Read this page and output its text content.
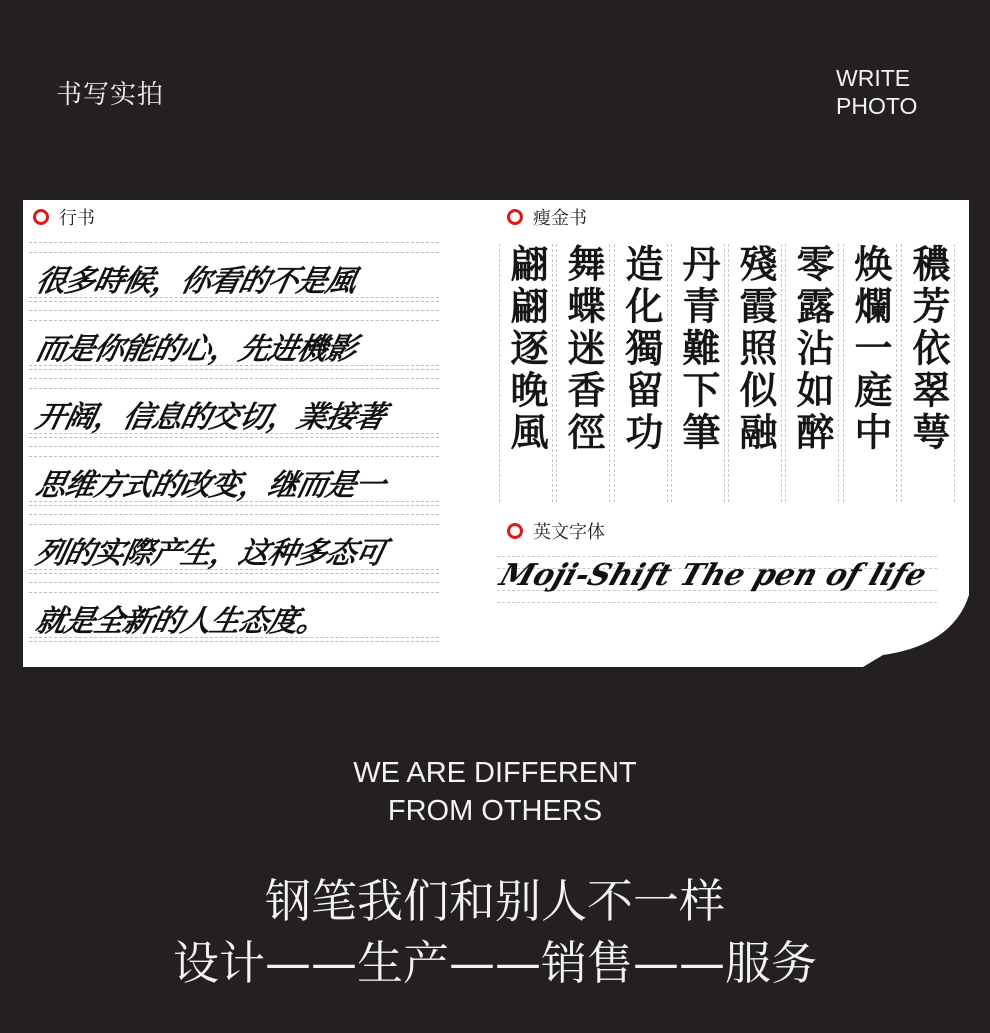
书写实拍
WRITE
PHOTO
行书
很多時候，你看的不是風
而是你能的心，先进機影
开阔，信息的交切，業接著
思维方式的改变，继而是一
列的实際产生，这种多态可
就是全新的人生态度。
瘦金书
穠芳依翠萼
焕爛一庭中
零露沾如醉
殘霞照似融
丹青難下筆
造化獨留功
舞蝶迷香徑
翩翩逐晚風
英文字体
Moji-Shift The pen of life
WE ARE DIFFERENT
FROM OTHERS
钢笔我们和别人不一样
设计——生产——销售——服务
